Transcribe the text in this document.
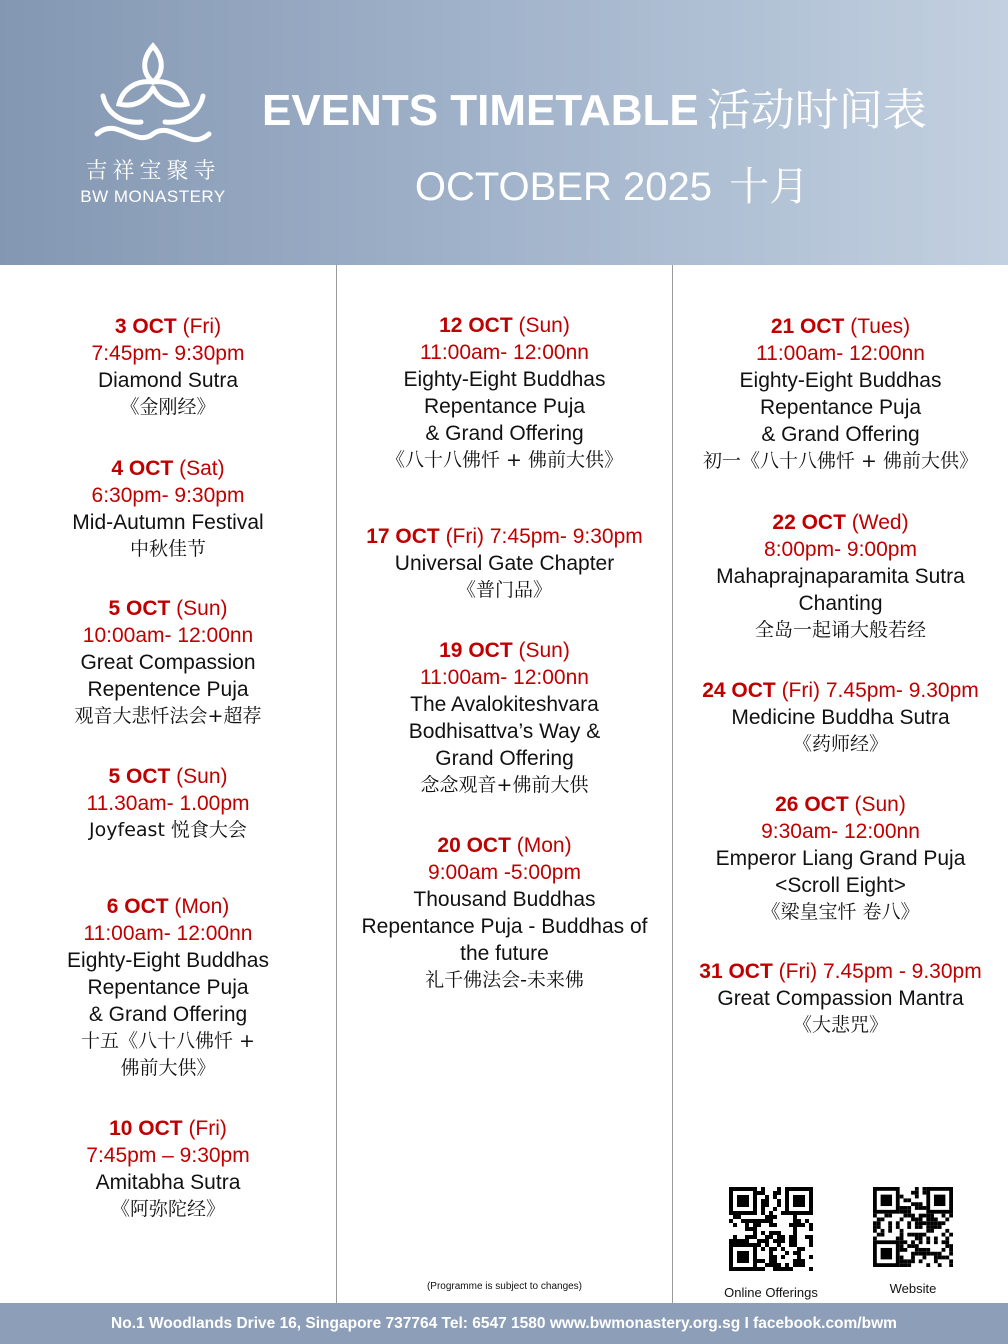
吉祥宝聚寺
BW MONASTERY
EVENTS TIMETABLE 活动时间表
OCTOBER 2025 十月
3 OCT (Fri)
7:45pm- 9:30pm
Diamond Sutra
《金刚经》
4 OCT (Sat)
6:30pm- 9:30pm
Mid-Autumn Festival
中秋佳节
5 OCT (Sun)
10:00am- 12:00nn
Great Compassion
Repentence Puja
观音大悲忏法会+超荐
5 OCT (Sun)
11.30am- 1.00pm
Joyfeast 悦食大会
6 OCT (Mon)
11:00am- 12:00nn
Eighty-Eight Buddhas
Repentance Puja
& Grand Offering
十五《八十八佛忏 +
佛前大供》
10 OCT (Fri)
7:45pm – 9:30pm
Amitabha Sutra
《阿弥陀经》
(Programme is subject to changes)
12 OCT (Sun)
11:00am- 12:00nn
Eighty-Eight Buddhas
Repentance Puja
& Grand Offering
《八十八佛忏 + 佛前大供》
17 OCT (Fri) 7:45pm- 9:30pm
Universal Gate Chapter
《普门品》
19 OCT (Sun)
11:00am- 12:00nn
The Avalokiteshvara
Bodhisattva’s Way &
Grand Offering
念念观音+佛前大供
20 OCT (Mon)
9:00am -5:00pm
Thousand Buddhas
Repentance Puja - Buddhas of
the future
礼千佛法会-未来佛
Online Offerings	Website
21 OCT (Tues)
11:00am- 12:00nn
Eighty-Eight Buddhas
Repentance Puja
& Grand Offering
初一《八十八佛忏 + 佛前大供》
22 OCT (Wed)
8:00pm- 9:00pm
Mahaprajnaparamita Sutra
Chanting
全岛一起诵大般若经
24 OCT (Fri) 7.45pm- 9.30pm
Medicine Buddha Sutra
《药师经》
26 OCT (Sun)
9:30am- 12:00nn
Emperor Liang Grand Puja
<Scroll Eight>
《梁皇宝忏 卷八》
31 OCT (Fri) 7.45pm - 9.30pm
Great Compassion Mantra
《大悲咒》
No.1 Woodlands Drive 16, Singapore 737764 Tel: 6547 1580 www.bwmonastery.org.sg I facebook.com/bwm
